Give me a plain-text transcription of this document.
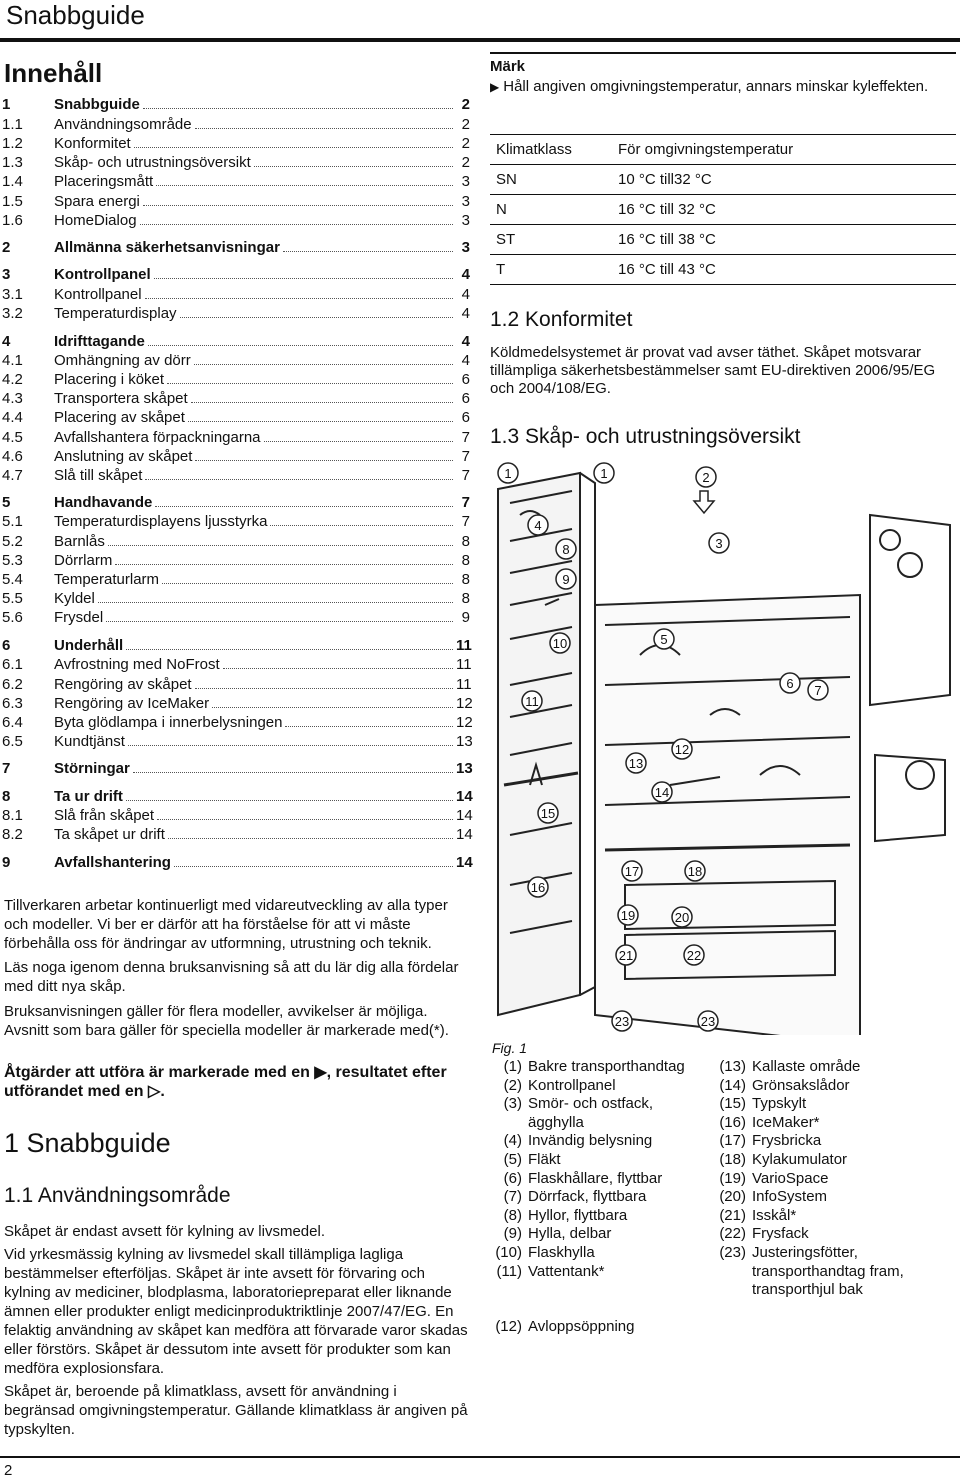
Snabbguide
Innehåll
1	Snabbguide	2
1.1	Användningsområde	2
1.2	Konformitet	2
1.3	Skåp- och utrustningsöversikt	2
1.4	Placeringsmått	3
1.5	Spara energi	3
1.6	HomeDialog	3
2	Allmänna säkerhetsanvisningar	3
3	Kontrollpanel	4
3.1	Kontrollpanel	4
3.2	Temperaturdisplay	4
4	Idrifttagande	4
4.1	Omhängning av dörr	4
4.2	Placering i köket	6
4.3	Transportera skåpet	6
4.4	Placering av skåpet	6
4.5	Avfallshantera förpackningarna	7
4.6	Anslutning av skåpet	7
4.7	Slå till skåpet	7
5	Handhavande	7
5.1	Temperaturdisplayens ljusstyrka	7
5.2	Barnlås	8
5.3	Dörrlarm	8
5.4	Temperaturlarm	8
5.5	Kyldel	8
5.6	Frysdel	9
6	Underhåll	11
6.1	Avfrostning med NoFrost	11
6.2	Rengöring av skåpet	11
6.3	Rengöring av IceMaker	12
6.4	Byta glödlampa i innerbelysningen	12
6.5	Kundtjänst	13
7	Störningar	13
8	Ta ur drift	14
8.1	Slå från skåpet	14
8.2	Ta skåpet ur drift	14
9	Avfallshantering	14
Tillverkaren arbetar kontinuerligt med vidareutveckling av alla typer och modeller. Vi ber er därför att ha förståelse för att vi måste förbehålla oss för ändringar av utformning, utrustning och teknik.
Läs noga igenom denna bruksanvisning så att du lär dig alla fördelar med ditt nya skåp.
Bruksanvisningen gäller för flera modeller, avvikelser är möjliga. Avsnitt som bara gäller för speciella modeller är markerade med(*).
Åtgärder att utföra är markerade med en ▶, resultatet efter utförandet med en ▷.
1 Snabbguide
1.1 Användningsområde
Skåpet är endast avsett för kylning av livsmedel.
Vid yrkesmässig kylning av livsmedel skall tillämpliga lagliga bestämmelser efterföljas. Skåpet är inte avsett för förvaring och kylning av mediciner, blodplasma, laboratoriepreparat eller liknande ämnen eller produkter enligt medicinproduktriktlinje 2007/47/EG. En felaktig användning av skåpet kan medföra att förvarade varor skadas eller förstörs. Skåpet är dessutom inte avsett för produkter som kan medföra explosionsfara.
Skåpet är, beroende på klimatklass, avsett för användning i begränsad omgivningstemperatur. Gällande klimatklass är angiven på typskylten.
Märk
▶ Håll angiven omgivningstemperatur, annars minskar kyleffekten.
Klimatklass	För omgivningstemperatur
SN	10 °C till32 °C
N	16 °C till 32 °C
ST	16 °C till 38 °C
T	16 °C till 43 °C
1.2 Konformitet
Köldmedelsystemet är provat vad avser täthet. Skåpet motsvarar tillämpliga säkerhetsbestämmelser samt EU-direktiven 2006/95/EG och 2004/108/EG.
1.3 Skåp- och utrustningsöversikt
1	1	2
3
4
5
6 7
8
9
10
11
12
13
14
15
16
17	18
19	20
21	22
23	23
Fig. 1
(1) Bakre transporthandtag
(2) Kontrollpanel
(3) Smör- och ostfack, ägghylla
(4) Invändig belysning
(5) Fläkt
(6) Flaskhållare, flyttbar
(7) Dörrfack, flyttbara
(8) Hyllor, flyttbara
(9) Hylla, delbar
(10) Flaskhylla
(11) Vattentank*
(12) Avloppsöppning
(13) Kallaste område
(14) Grönsakslådor
(15) Typskylt
(16) IceMaker*
(17) Frysbricka
(18) Kylakumulator
(19) VarioSpace
(20) InfoSystem
(21) Isskål*
(22) Frysfack
(23) Justeringsfötter, transporthandtag fram, transporthjul bak
2
